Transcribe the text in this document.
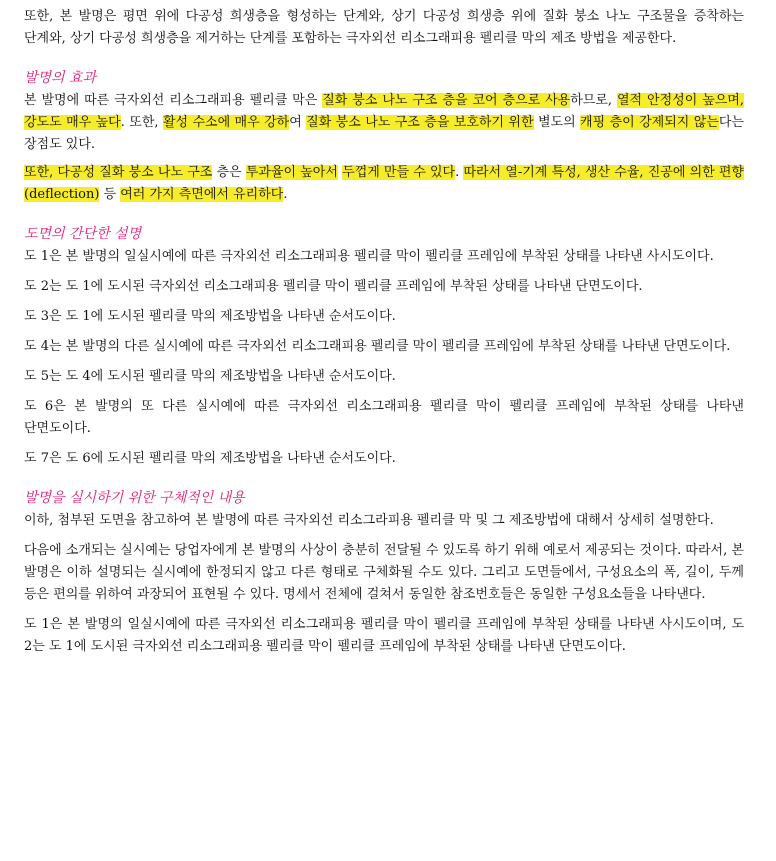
또한, 본 발명은 평면 위에 다공성 희생층을 형성하는 단계와, 상기 다공성 희생층 위에 질화 붕소 나노 구조물을 증착하는 단계와, 상기 다공성 희생층을 제거하는 단계를 포함하는 극자외선 리소그래피용 펠리클 막의 제조 방법을 제공한다.

발명의 효과

본 발명에 따른 극자외선 리소그래피용 펠리클 막은 질화 붕소 나노 구조 층을 코어 층으로 사용하므로, 열적 안정성이 높으며, 강도도 매우 높다. 또한, 활성 수소에 매우 강하여 질화 붕소 나노 구조 층을 보호하기 위한 별도의 캐핑 층이 강제되지 않는다는 장점도 있다.

또한, 다공성 질화 붕소 나노 구조 층은 투과율이 높아서 두껍게 만들 수 있다. 따라서 열-기계 특성, 생산 수율, 진공에 의한 편향(deflection) 등 여러 가지 측면에서 유리하다.

도면의 간단한 설명

도 1은 본 발명의 일실시예에 따른 극자외선 리소그래피용 펠리클 막이 펠리클 프레임에 부착된 상태를 나타낸 사시도이다.

도 2는 도 1에 도시된 극자외선 리소그래피용 펠리클 막이 펠리클 프레임에 부착된 상태를 나타낸 단면도이다.

도 3은 도 1에 도시된 펠리클 막의 제조방법을 나타낸 순서도이다.

도 4는 본 발명의 다른 실시예에 따른 극자외선 리소그래피용 펠리클 막이 펠리클 프레임에 부착된 상태를 나타낸 단면도이다.

도 5는 도 4에 도시된 펠리클 막의 제조방법을 나타낸 순서도이다.

도 6은 본 발명의 또 다른 실시예에 따른 극자외선 리소그래피용 펠리클 막이 펠리클 프레임에 부착된 상태를 나타낸 단면도이다.

도 7은 도 6에 도시된 펠리클 막의 제조방법을 나타낸 순서도이다.

발명을 실시하기 위한 구체적인 내용

이하, 첨부된 도면을 참고하여 본 발명에 따른 극자외선 리소그라피용 펠리클 막 및 그 제조방법에 대해서 상세히 설명한다.

다음에 소개되는 실시예는 당업자에게 본 발명의 사상이 충분히 전달될 수 있도록 하기 위해 예로서 제공되는 것이다. 따라서, 본 발명은 이하 설명되는 실시예에 한정되지 않고 다른 형태로 구체화될 수도 있다. 그리고 도면들에서, 구성요소의 폭, 길이, 두께 등은 편의를 위하여 과장되어 표현될 수 있다. 명세서 전체에 걸쳐서 동일한 참조번호들은 동일한 구성요소들을 나타낸다.

도 1은 본 발명의 일실시예에 따른 극자외선 리소그래피용 펠리클 막이 펠리클 프레임에 부착된 상태를 나타낸 사시도이며, 도 2는 도 1에 도시된 극자외선 리소그래피용 펠리클 막이 펠리클 프레임에 부착된 상태를 나타낸 단면도이다.
